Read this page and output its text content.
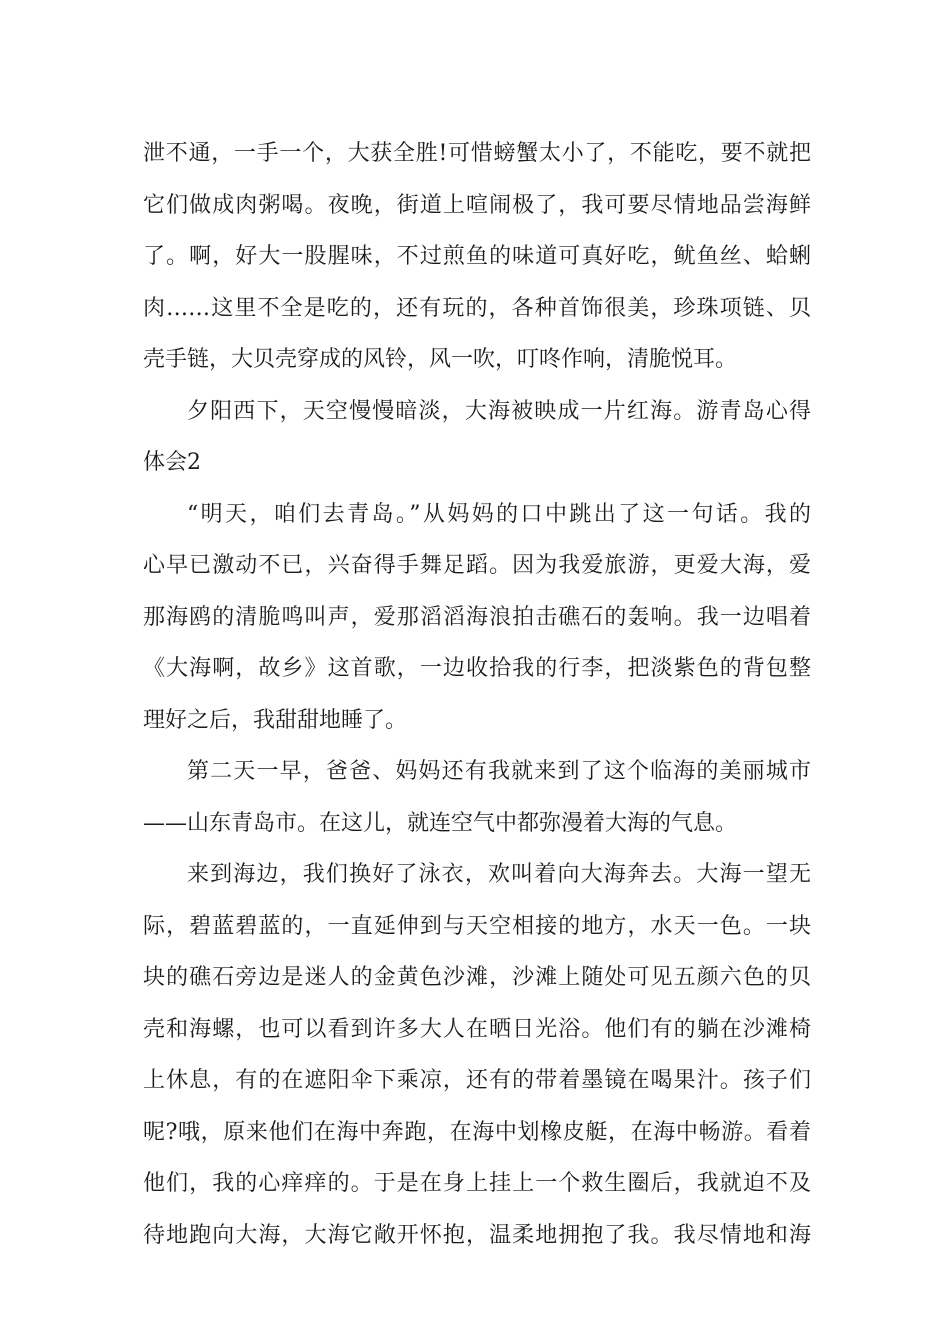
泄不通，一手一个，大获全胜!可惜螃蟹太小了，不能吃，要不就把
它们做成肉粥喝。夜晚，街道上喧闹极了，我可要尽情地品尝海鲜
了。啊，好大一股腥味，不过煎鱼的味道可真好吃，鱿鱼丝、蛤蜊
肉……这里不全是吃的，还有玩的，各种首饰很美，珍珠项链、贝
壳手链，大贝壳穿成的风铃，风一吹，叮咚作响，清脆悦耳。
夕阳西下，天空慢慢暗淡，大海被映成一片红海。游青岛心得
体会2
“明天，咱们去青岛。”从妈妈的口中跳出了这一句话。我的
心早已激动不已，兴奋得手舞足蹈。因为我爱旅游，更爱大海，爱
那海鸥的清脆鸣叫声，爱那滔滔海浪拍击礁石的轰响。我一边唱着
《大海啊，故乡》这首歌，一边收拾我的行李，把淡紫色的背包整
理好之后，我甜甜地睡了。
第二天一早，爸爸、妈妈还有我就来到了这个临海的美丽城市
——山东青岛市。在这儿，就连空气中都弥漫着大海的气息。
来到海边，我们换好了泳衣，欢叫着向大海奔去。大海一望无
际，碧蓝碧蓝的，一直延伸到与天空相接的地方，水天一色。一块
块的礁石旁边是迷人的金黄色沙滩，沙滩上随处可见五颜六色的贝
壳和海螺，也可以看到许多大人在晒日光浴。他们有的躺在沙滩椅
上休息，有的在遮阳伞下乘凉，还有的带着墨镜在喝果汁。孩子们
呢?哦，原来他们在海中奔跑，在海中划橡皮艇，在海中畅游。看着
他们，我的心痒痒的。于是在身上挂上一个救生圈后，我就迫不及
待地跑向大海，大海它敞开怀抱，温柔地拥抱了我。我尽情地和海
